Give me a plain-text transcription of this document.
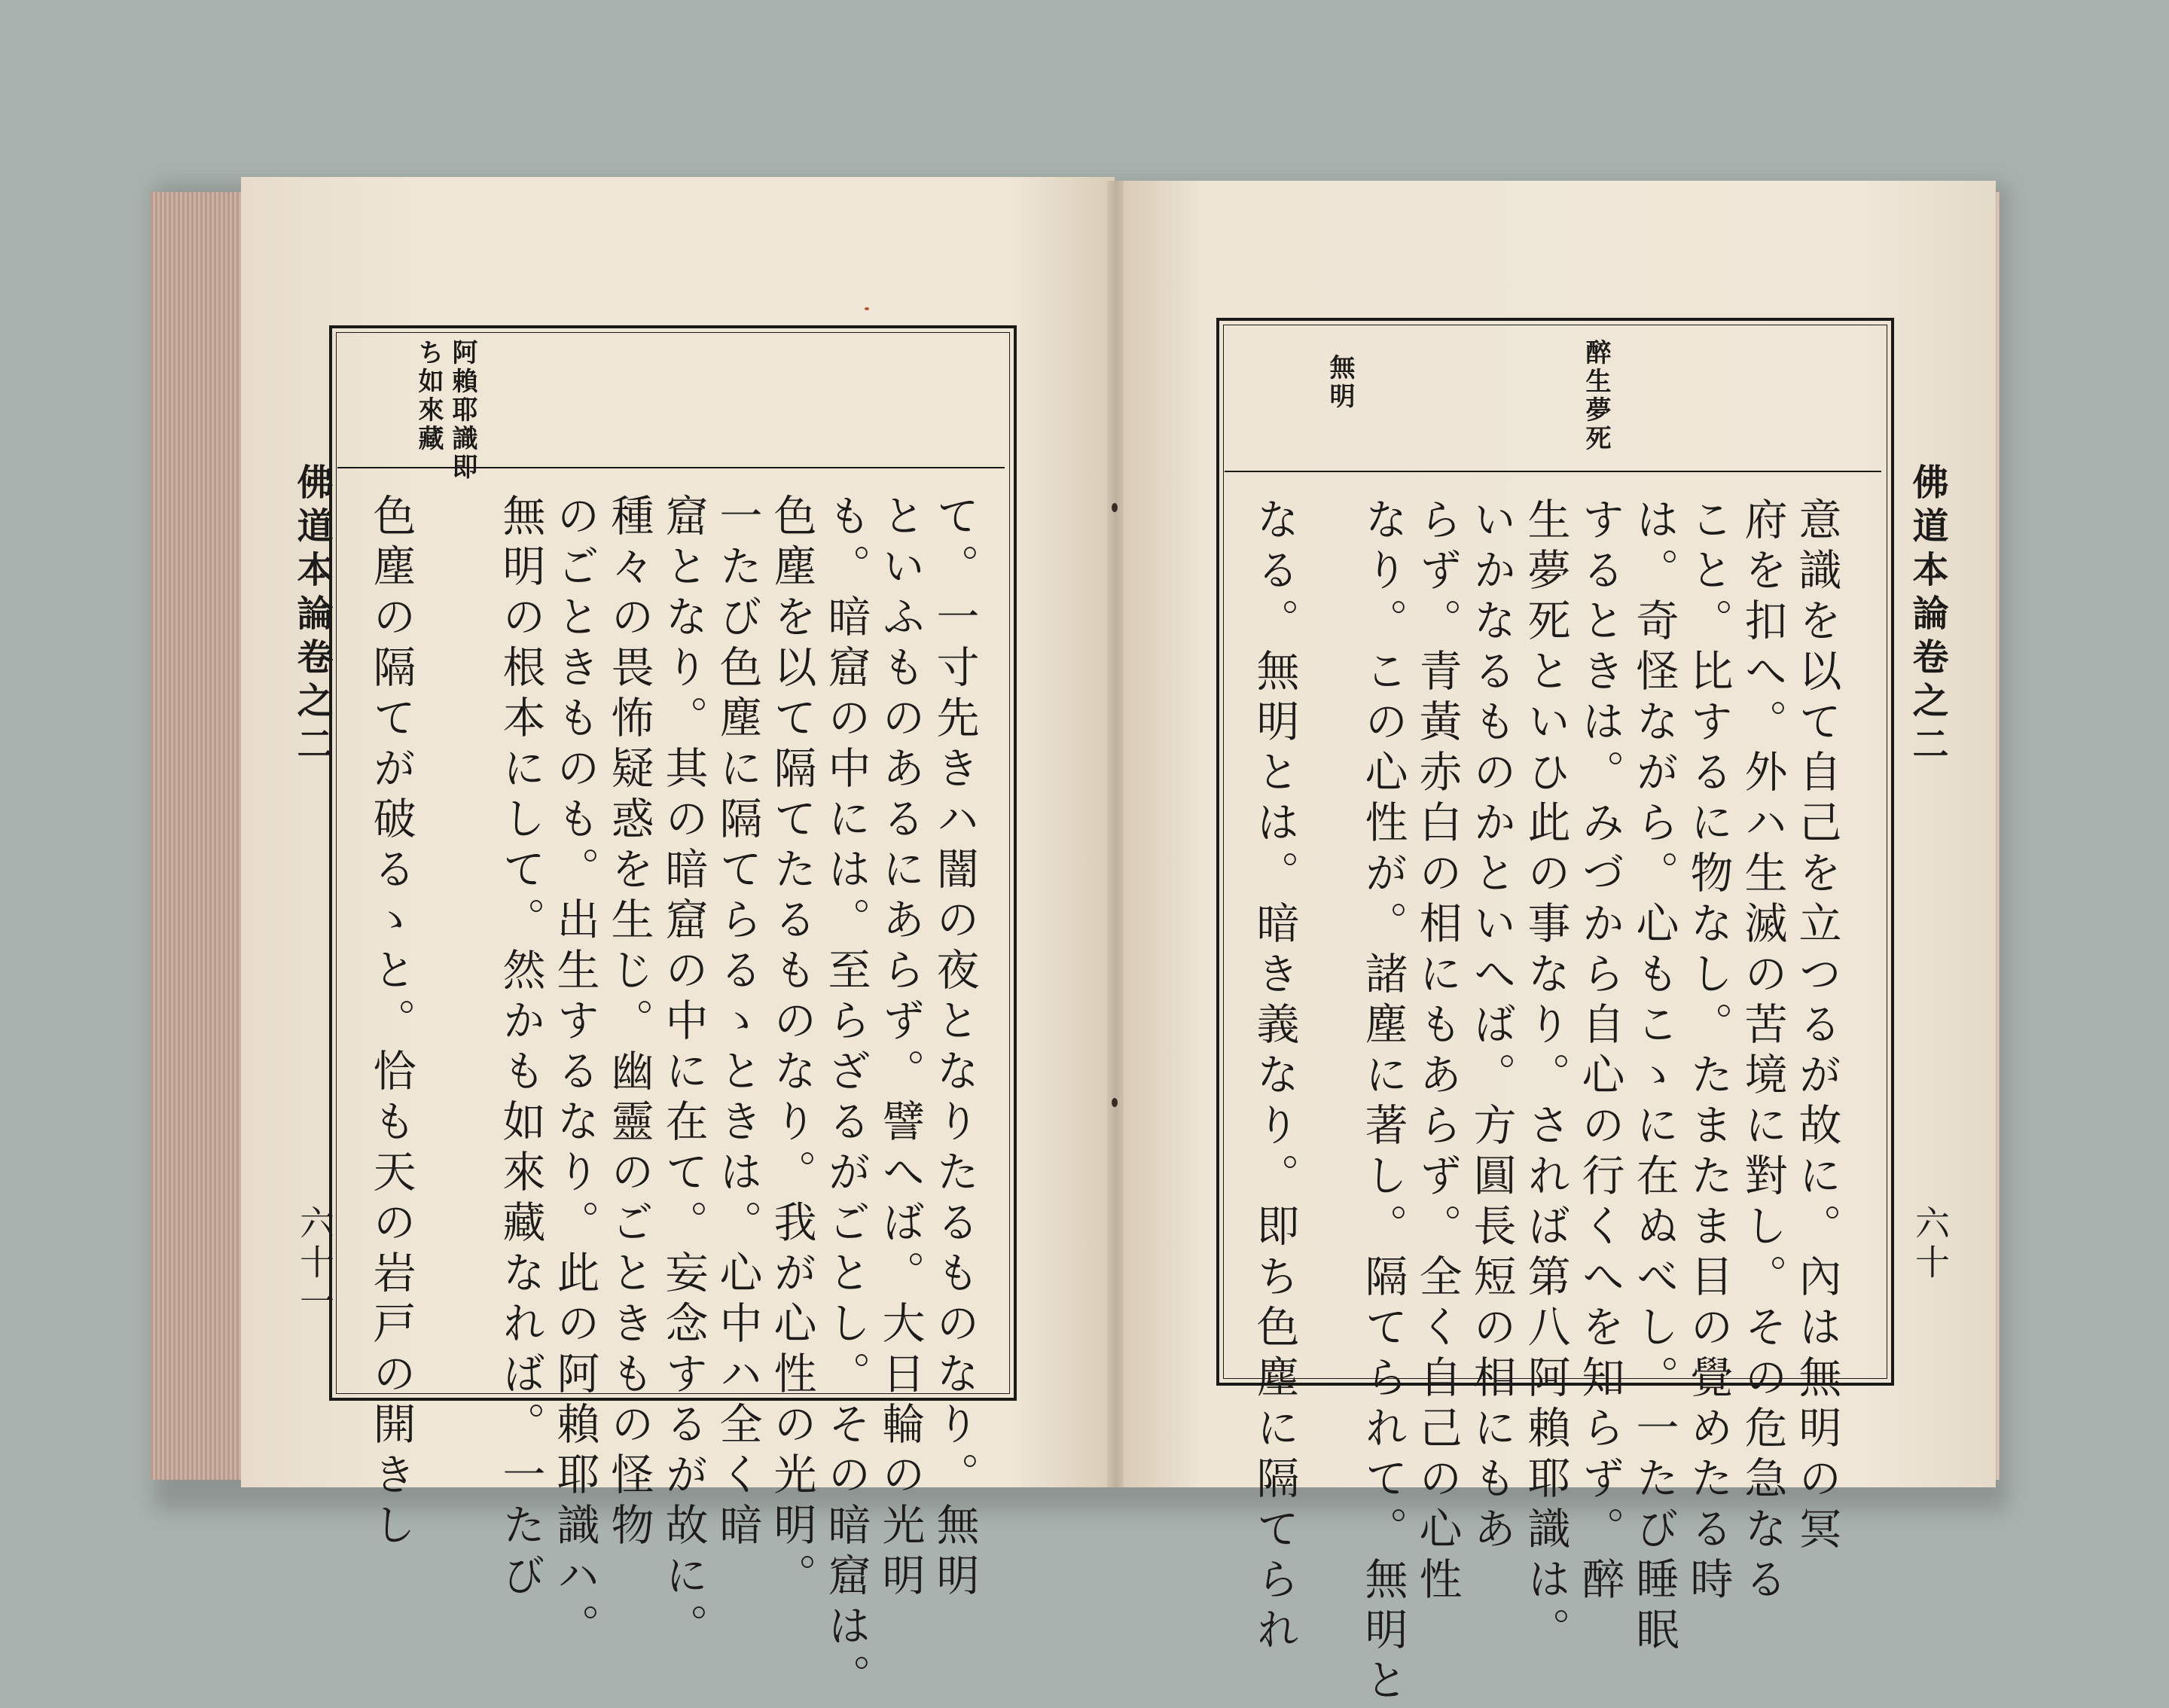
佛道本論卷之二
六十一
阿賴耶識即
ち如來藏
て。一寸先きハ闇の夜となりたるものなり。無明
といふものあるにあらず。譬へば。大日輪の光明
も。暗窟の中には。至らざるがごとし。その暗窟は。
色塵を以て隔てたるものなり。我が心性の光明。
一たび色塵に隔てらるゝときは。心中ハ全く暗
窟となり。其の暗窟の中に在て。妄念するが故に。
種々の畏怖疑惑を生じ。幽靈のごときもの怪物
のごときものも。出生するなり。此の阿賴耶識ハ。
無明の根本にして。然かも如來藏なれば。一たび
色塵の隔てが破るゝと。恰も天の岩戸の開きし	佛道本論卷之二
六十
醉生夢死
無明
意識を以て自己を立つるが故に。內は無明の冥
府を扣へ。外ハ生滅の苦境に對し。その危急なる
こと。比するに物なし。たまたま目の覺めたる時
は。奇怪ながら。心もこゝに在ぬべし。一たび睡眠
するときは。みづから自心の行くへを知らず。醉
生夢死といひ此の事なり。されば第八阿賴耶識は。
いかなるものかといへば。方圓長短の相にもあ
らず。青黃赤白の相にもあらず。全く自己の心性
なり。この心性が。諸塵に著し。隔てられて。無明と
なる。無明とは。暗き義なり。即ち色塵に隔てられ
